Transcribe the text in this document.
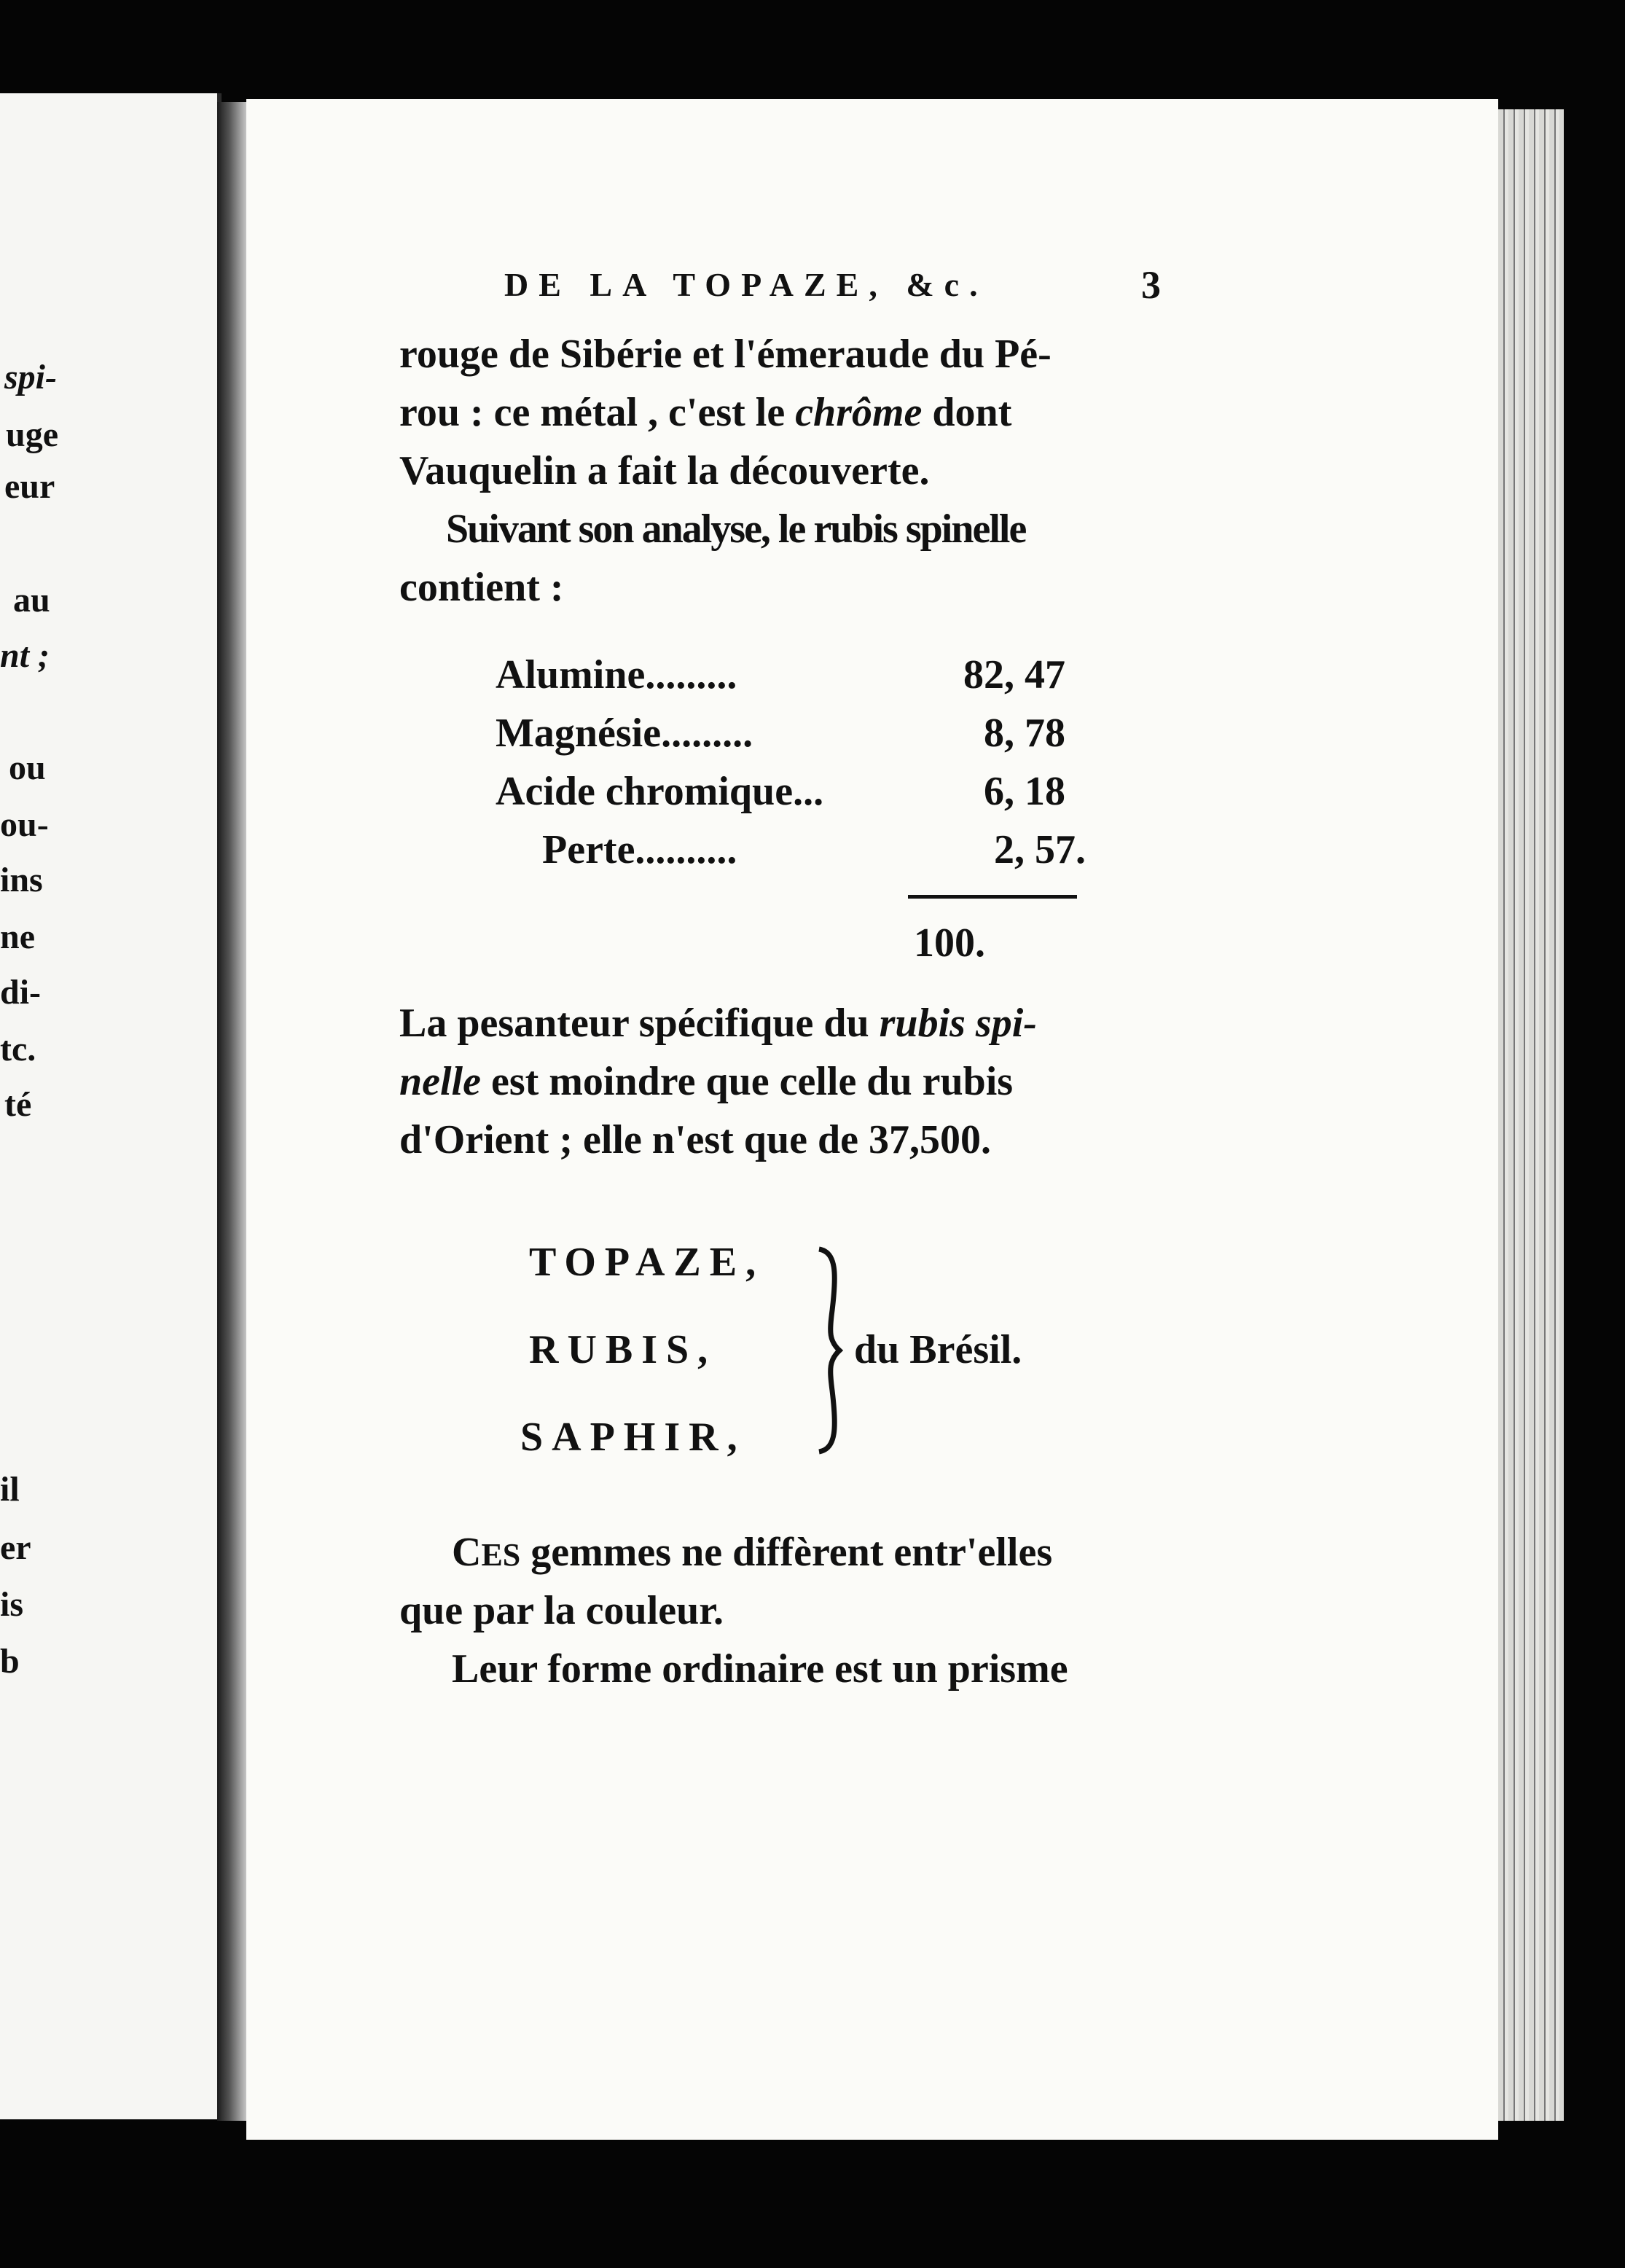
spi-
uge
eur
au
nt ;
ou
ou-
ins
ne
di-
tc.
té
il
er
is
b
DE LA TOPAZE, &c.	3
rouge de Sibérie et l'émeraude du Pé-
rou : ce métal , c'est le chrôme dont
Vauquelin a fait la découverte.
Suivant son analyse, le rubis spinelle
contient :
Alumine.........	82, 47
Magnésie.........	8, 78
Acide chromique...	6, 18
Perte..........	2, 57.
100.
La pesanteur spécifique du rubis spi-
nelle est moindre que celle du rubis
d'Orient ; elle n'est que de 37,500.
TOPAZE,
RUBIS,
SAPHIR,
du Brésil.
CES gemmes ne diffèrent entr'elles
que par la couleur.
Leur forme ordinaire est un prisme
